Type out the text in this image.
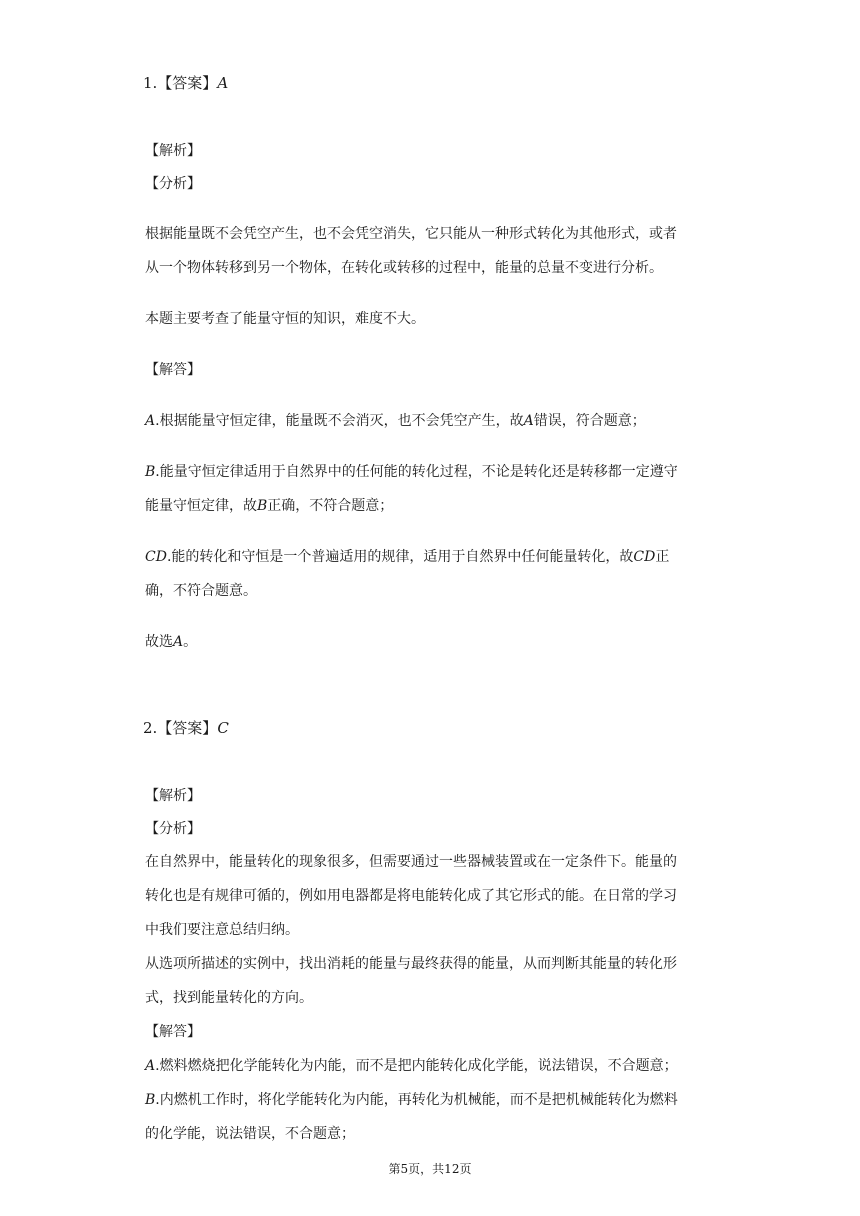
1.【答案】A
【解析】
【分析】
根据能量既不会凭空产生，也不会凭空消失，它只能从一种形式转化为其他形式，或者
从一个物体转移到另一个物体，在转化或转移的过程中，能量的总量不变进行分析。
本题主要考查了能量守恒的知识，难度不大。
【解答】
A.根据能量守恒定律，能量既不会消灭，也不会凭空产生，故A错误，符合题意；
B.能量守恒定律适用于自然界中的任何能的转化过程，不论是转化还是转移都一定遵守
能量守恒定律，故B正确，不符合题意；
CD.能的转化和守恒是一个普遍适用的规律，适用于自然界中任何能量转化，故CD正
确，不符合题意。
故选A。
2.【答案】C
【解析】
【分析】
在自然界中，能量转化的现象很多，但需要通过一些器械装置或在一定条件下。能量的
转化也是有规律可循的，例如用电器都是将电能转化成了其它形式的能。在日常的学习
中我们要注意总结归纳。
从选项所描述的实例中，找出消耗的能量与最终获得的能量，从而判断其能量的转化形
式，找到能量转化的方向。
【解答】
A.燃料燃烧把化学能转化为内能，而不是把内能转化成化学能，说法错误，不合题意；
B.内燃机工作时，将化学能转化为内能，再转化为机械能，而不是把机械能转化为燃料
的化学能，说法错误，不合题意；
第5页，共12页
